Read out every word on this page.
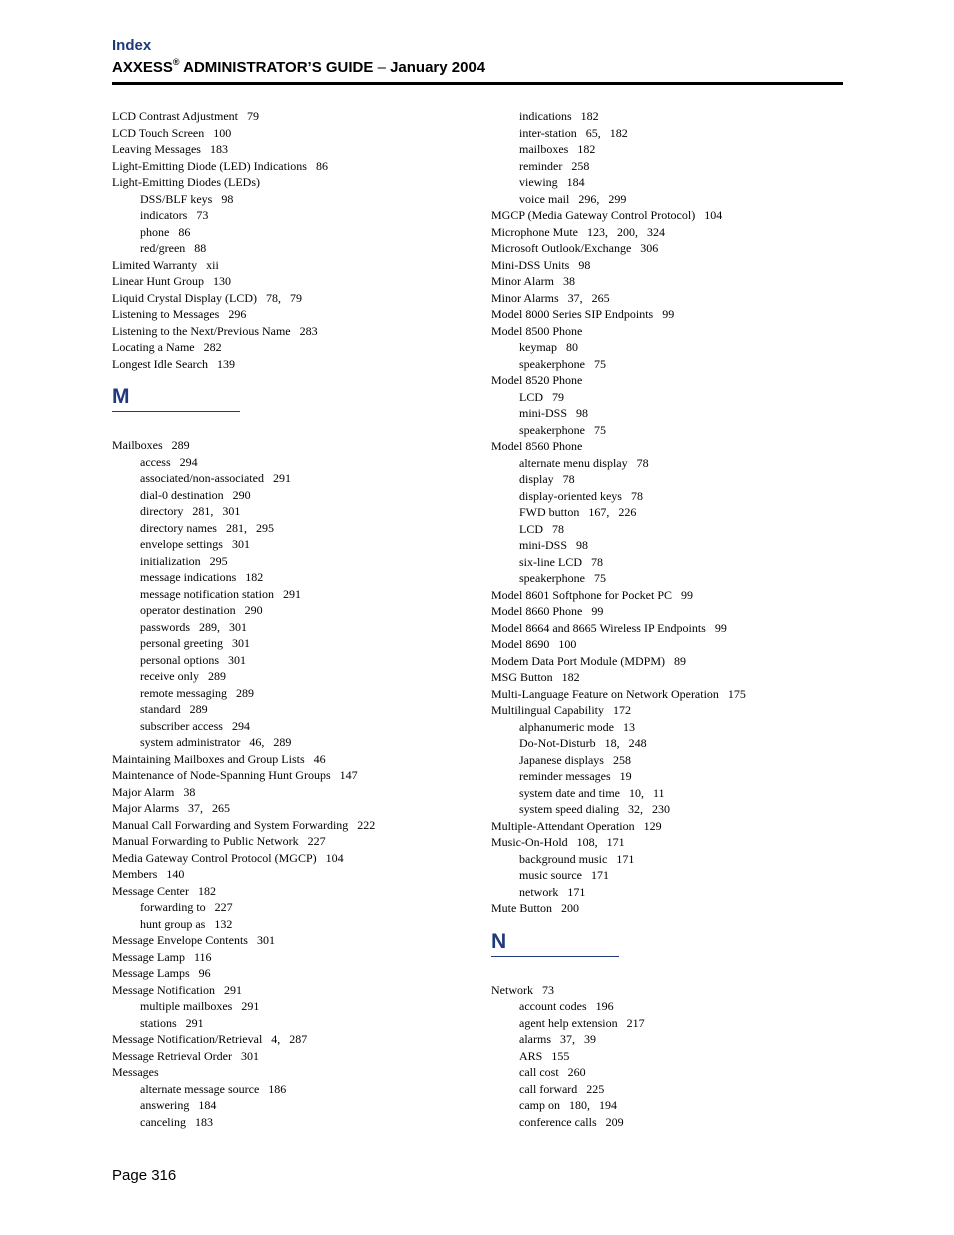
Index
AXXESS® ADMINISTRATOR’S GUIDE – January 2004
LCD Contrast Adjustment   79
LCD Touch Screen   100
Leaving Messages   183
Light-Emitting Diode (LED) Indications   86
Light-Emitting Diodes (LEDs)
DSS/BLF keys   98
indicators   73
phone   86
red/green   88
Limited Warranty   xii
Linear Hunt Group   130
Liquid Crystal Display (LCD)   78,   79
Listening to Messages   296
Listening to the Next/Previous Name   283
Locating a Name   282
Longest Idle Search   139
M
Mailboxes   289
access   294
associated/non-associated   291
dial-0 destination   290
directory   281,   301
directory names   281,   295
envelope settings   301
initialization   295
message indications   182
message notification station   291
operator destination   290
passwords   289,   301
personal greeting   301
personal options   301
receive only   289
remote messaging   289
standard   289
subscriber access   294
system administrator   46,   289
Maintaining Mailboxes and Group Lists   46
Maintenance of Node-Spanning Hunt Groups   147
Major Alarm   38
Major Alarms   37,   265
Manual Call Forwarding and System Forwarding   222
Manual Forwarding to Public Network   227
Media Gateway Control Protocol (MGCP)   104
Members   140
Message Center   182
forwarding to   227
hunt group as   132
Message Envelope Contents   301
Message Lamp   116
Message Lamps   96
Message Notification   291
multiple mailboxes   291
stations   291
Message Notification/Retrieval   4,   287
Message Retrieval Order   301
Messages
alternate message source   186
answering   184
canceling   183
indications   182
inter-station   65,   182
mailboxes   182
reminder   258
viewing   184
voice mail   296,   299
MGCP (Media Gateway Control Protocol)   104
Microphone Mute   123,   200,   324
Microsoft Outlook/Exchange   306
Mini-DSS Units   98
Minor Alarm   38
Minor Alarms   37,   265
Model 8000 Series SIP Endpoints   99
Model 8500 Phone
keymap   80
speakerphone   75
Model 8520 Phone
LCD   79
mini-DSS   98
speakerphone   75
Model 8560 Phone
alternate menu display   78
display   78
display-oriented keys   78
FWD button   167,   226
LCD   78
mini-DSS   98
six-line LCD   78
speakerphone   75
Model 8601 Softphone for Pocket PC   99
Model 8660 Phone   99
Model 8664 and 8665 Wireless IP Endpoints   99
Model 8690   100
Modem Data Port Module (MDPM)   89
MSG Button   182
Multi-Language Feature on Network Operation   175
Multilingual Capability   172
alphanumeric mode   13
Do-Not-Disturb   18,   248
Japanese displays   258
reminder messages   19
system date and time   10,   11
system speed dialing   32,   230
Multiple-Attendant Operation   129
Music-On-Hold   108,   171
background music   171
music source   171
network   171
Mute Button   200
N
Network   73
account codes   196
agent help extension   217
alarms   37,   39
ARS   155
call cost   260
call forward   225
camp on   180,   194
conference calls   209
Page 316
